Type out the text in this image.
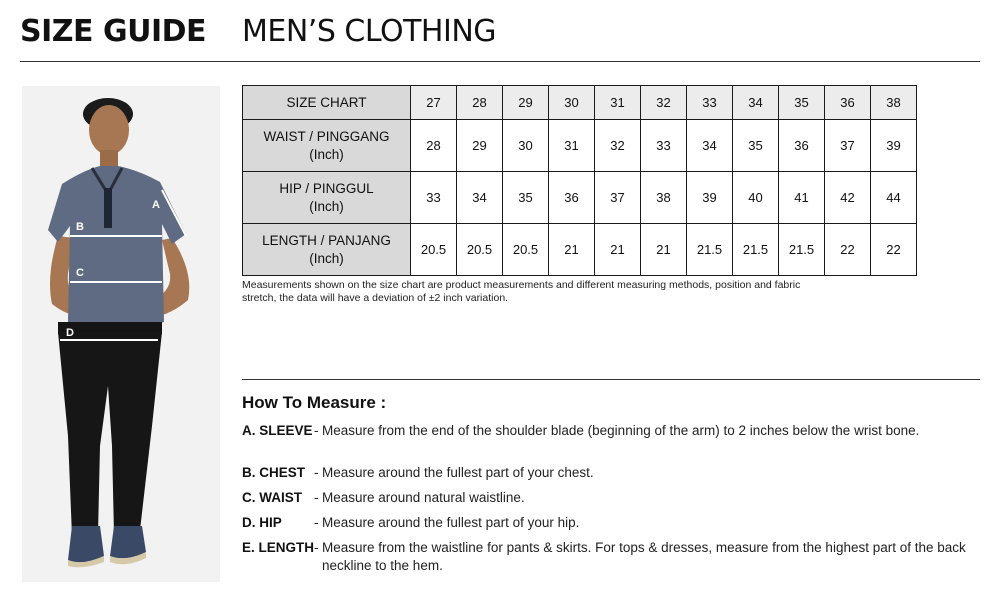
SIZE GUIDE MEN’S CLOTHING
A
B
C
D
SIZE CHART	27	28	29	30	31	32	33	34	35	36	38

WAIST / PINGGANG
(Inch)	28	29	30	31	32	33	34	35	36	37	39

HIP / PINGGUL
(Inch)	33	34	35	36	37	38	39	40	41	42	44

LENGTH / PANJANG
(Inch)	20.5	20.5	20.5	21	21	21	21.5	21.5	21.5	22	22
Measurements shown on the size chart are product measurements and different measuring methods, position and fabric
stretch, the data will have a deviation of ±2 inch variation.
How To Measure :
A. SLEEVE - Measure from the end of the shoulder blade (beginning of the arm) to 2 inches below the wrist bone.
B. CHEST - Measure around the fullest part of your chest.
C. WAIST - Measure around natural waistline.
D. HIP - Measure around the fullest part of your hip.
E. LENGTH - Measure from the waistline for pants & skirts. For tops & dresses, measure from the highest part of the back neckline to the hem.
